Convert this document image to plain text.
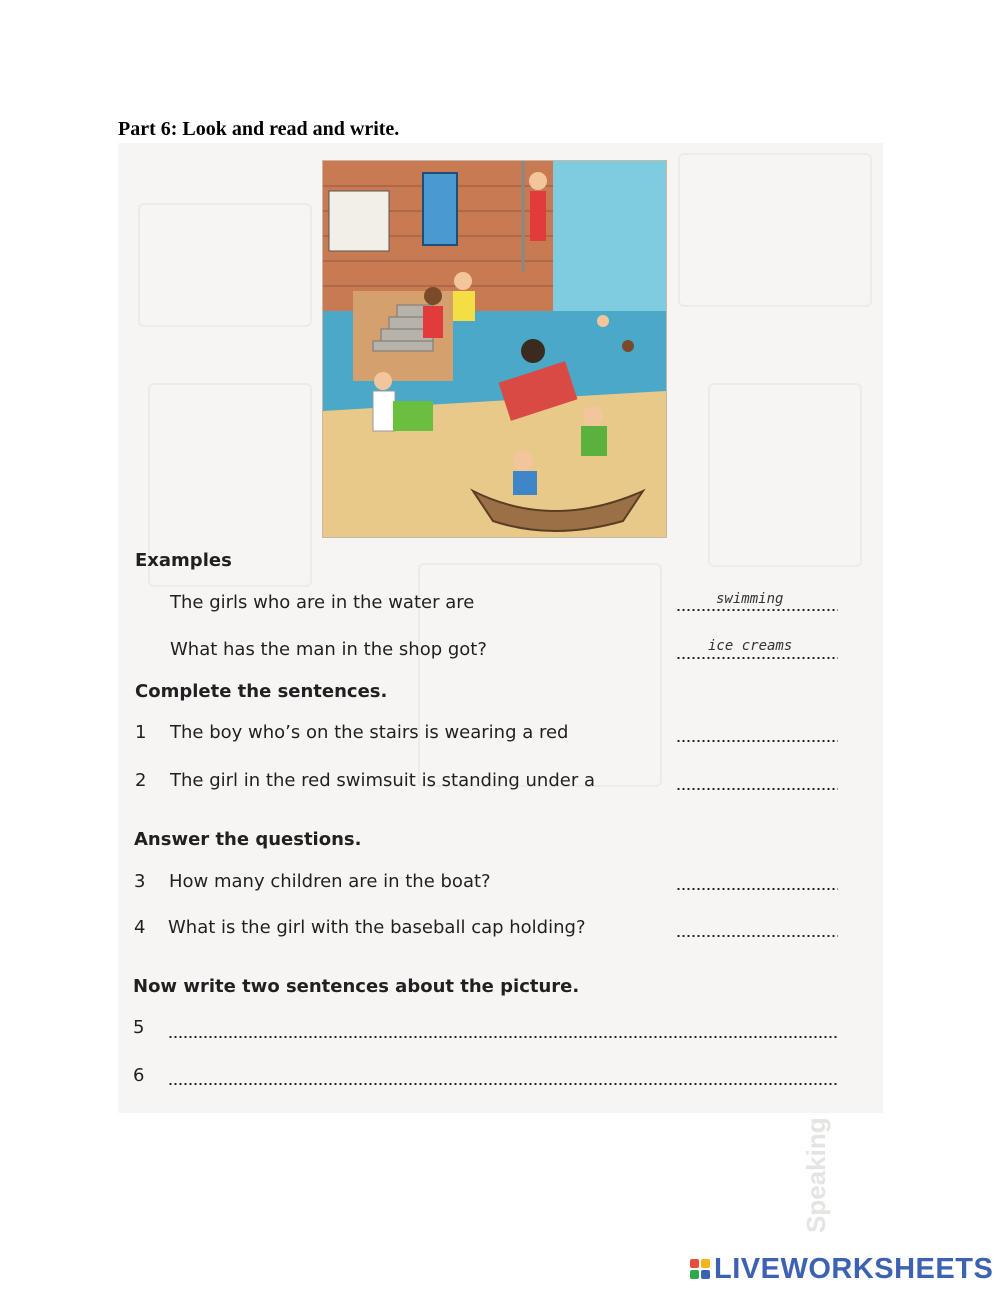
Part 6: Look and read and write.
Speaking
Examples
The girls who are in the water are	swimming
What has the man in the shop got?	ice creams
Complete the sentences.
1 The boy who’s on the stairs is wearing a red
2 The girl in the red swimsuit is standing under a
Answer the questions.
3 How many children are in the boat?
4 What is the girl with the baseball cap holding?
Now write two sentences about the picture.
5
6
LIVEWORKSHEETS
